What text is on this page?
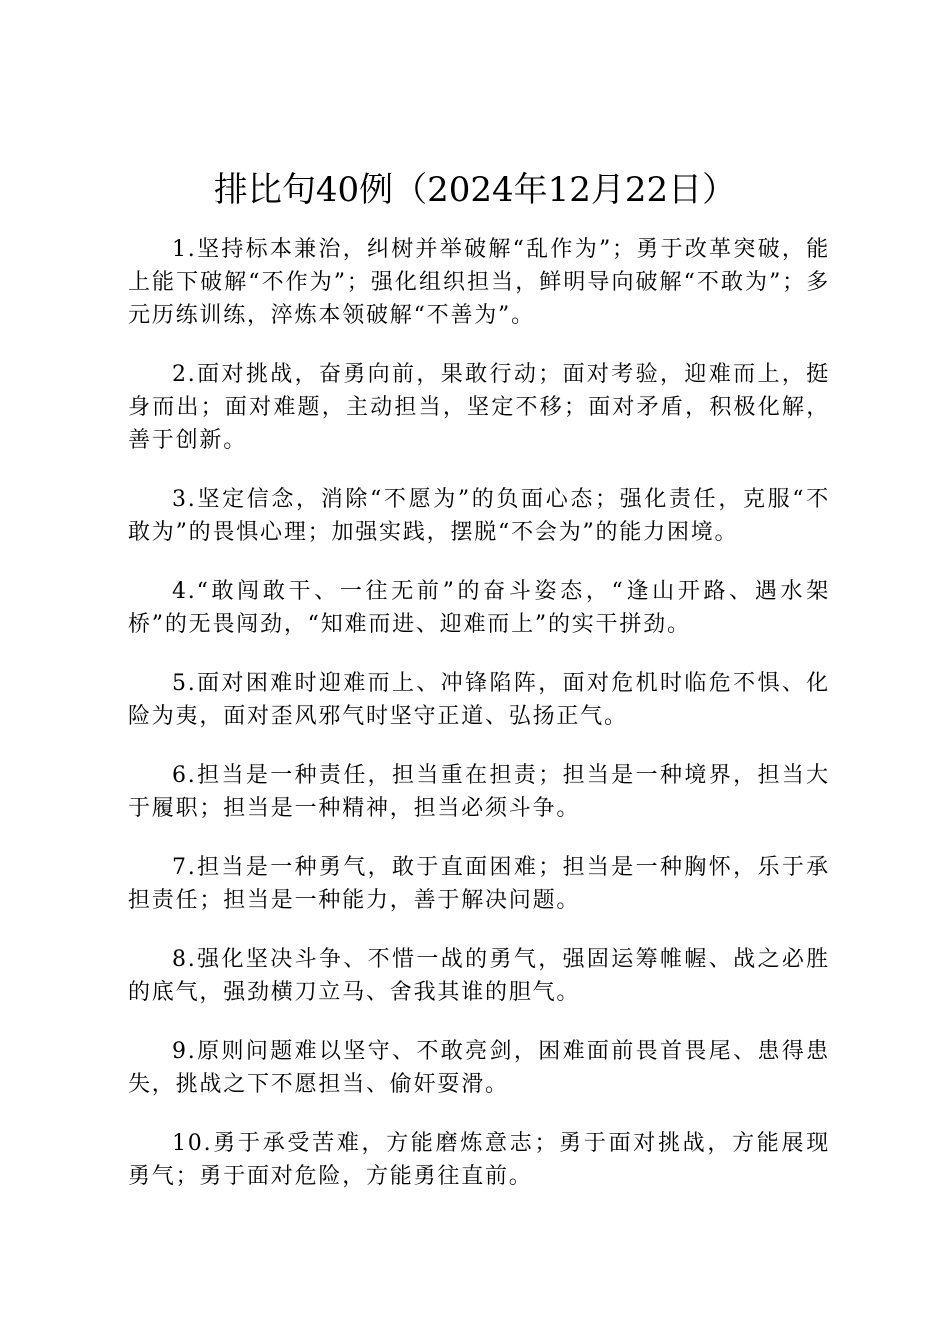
排比句40例（2024年12月22日）

1.坚持标本兼治，纠树并举破解“乱作为”；勇于改革突破，能上能下破解“不作为”；强化组织担当，鲜明导向破解“不敢为”；多元历练训练，淬炼本领破解“不善为”。

2.面对挑战，奋勇向前，果敢行动；面对考验，迎难而上，挺身而出；面对难题，主动担当，坚定不移；面对矛盾，积极化解，善于创新。

3.坚定信念，消除“不愿为”的负面心态；强化责任，克服“不敢为”的畏惧心理；加强实践，摆脱“不会为”的能力困境。

4.“敢闯敢干、一往无前”的奋斗姿态，“逢山开路、遇水架桥”的无畏闯劲，“知难而进、迎难而上”的实干拼劲。

5.面对困难时迎难而上、冲锋陷阵，面对危机时临危不惧、化险为夷，面对歪风邪气时坚守正道、弘扬正气。

6.担当是一种责任，担当重在担责；担当是一种境界，担当大于履职；担当是一种精神，担当必须斗争。

7.担当是一种勇气，敢于直面困难；担当是一种胸怀，乐于承担责任；担当是一种能力，善于解决问题。

8.强化坚决斗争、不惜一战的勇气，强固运筹帷幄、战之必胜的底气，强劲横刀立马、舍我其谁的胆气。

9.原则问题难以坚守、不敢亮剑，困难面前畏首畏尾、患得患失，挑战之下不愿担当、偷奸耍滑。

10.勇于承受苦难，方能磨炼意志；勇于面对挑战，方能展现勇气；勇于面对危险，方能勇往直前。
